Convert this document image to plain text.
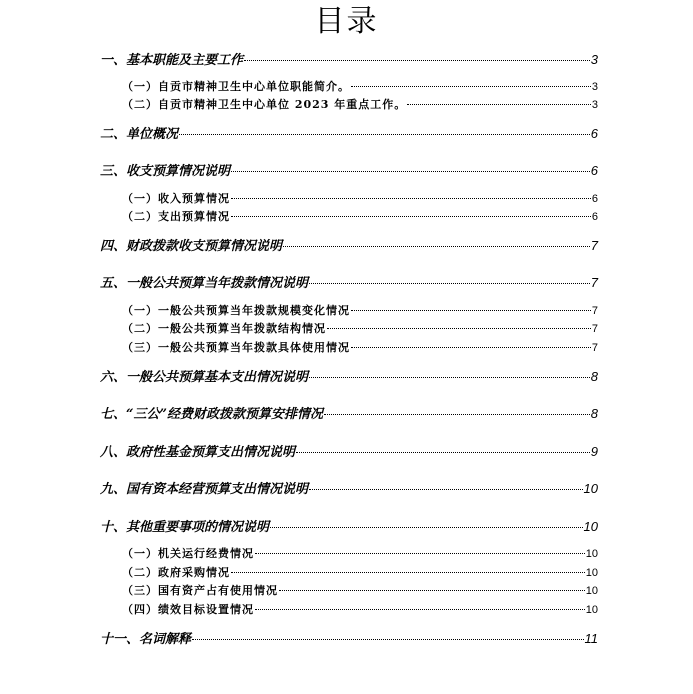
目录
一、基本职能及主要工作	3
（一）自贡市精神卫生中心单位职能简介。	3
（二）自贡市精神卫生中心单位 2023 年重点工作。	3
二、单位概况	6
三、收支预算情况说明	6
（一）收入预算情况	6
（二）支出预算情况	6
四、财政拨款收支预算情况说明	7
五、一般公共预算当年拨款情况说明	7
（一）一般公共预算当年拨款规模变化情况	7
（二）一般公共预算当年拨款结构情况	7
（三）一般公共预算当年拨款具体使用情况	7
六、一般公共预算基本支出情况说明	8
七、“三公”经费财政拨款预算安排情况	8
八、政府性基金预算支出情况说明	9
九、国有资本经营预算支出情况说明	10
十、其他重要事项的情况说明	10
（一）机关运行经费情况	10
（二）政府采购情况	10
（三）国有资产占有使用情况	10
（四）绩效目标设置情况	10
十一、名词解释	11
